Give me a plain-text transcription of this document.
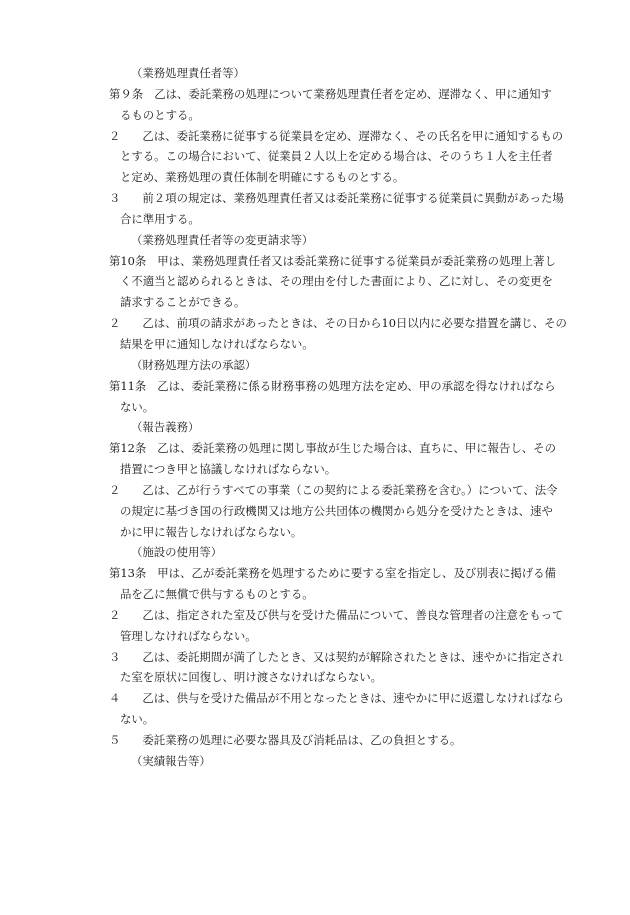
（業務処理責任者等）
第９条 乙は、委託業務の処理について業務処理責任者を定め、遅滞なく、甲に通知す
るものとする。
２ 乙は、委託業務に従事する従業員を定め、遅滞なく、その氏名を甲に通知するもの
とする。この場合において、従業員２人以上を定める場合は、そのうち１人を主任者
と定め、業務処理の責任体制を明確にするものとする。
３ 前２項の規定は、業務処理責任者又は委託業務に従事する従業員に異動があった場
合に準用する。
（業務処理責任者等の変更請求等）
第10条 甲は、業務処理責任者又は委託業務に従事する従業員が委託業務の処理上著し
く不適当と認められるときは、その理由を付した書面により、乙に対し、その変更を
請求することができる。
２ 乙は、前項の請求があったときは、その日から10日以内に必要な措置を講じ、その
結果を甲に通知しなければならない。
（財務処理方法の承認）
第11条 乙は、委託業務に係る財務事務の処理方法を定め、甲の承認を得なければなら
ない。
（報告義務）
第12条 乙は、委託業務の処理に関し事故が生じた場合は、直ちに、甲に報告し、その
措置につき甲と協議しなければならない。
２ 乙は、乙が行うすべての事業（この契約による委託業務を含む。）について、法令
の規定に基づき国の行政機関又は地方公共団体の機関から処分を受けたときは、速や
かに甲に報告しなければならない。
（施設の使用等）
第13条 甲は、乙が委託業務を処理するために要する室を指定し、及び別表に掲げる備
品を乙に無償で供与するものとする。
２ 乙は、指定された室及び供与を受けた備品について、善良な管理者の注意をもって
管理しなければならない。
３ 乙は、委託期間が満了したとき、又は契約が解除されたときは、速やかに指定され
た室を原状に回復し、明け渡さなければならない。
４ 乙は、供与を受けた備品が不用となったときは、速やかに甲に返還しなければなら
ない。
５ 委託業務の処理に必要な器具及び消耗品は、乙の負担とする。
（実績報告等）
